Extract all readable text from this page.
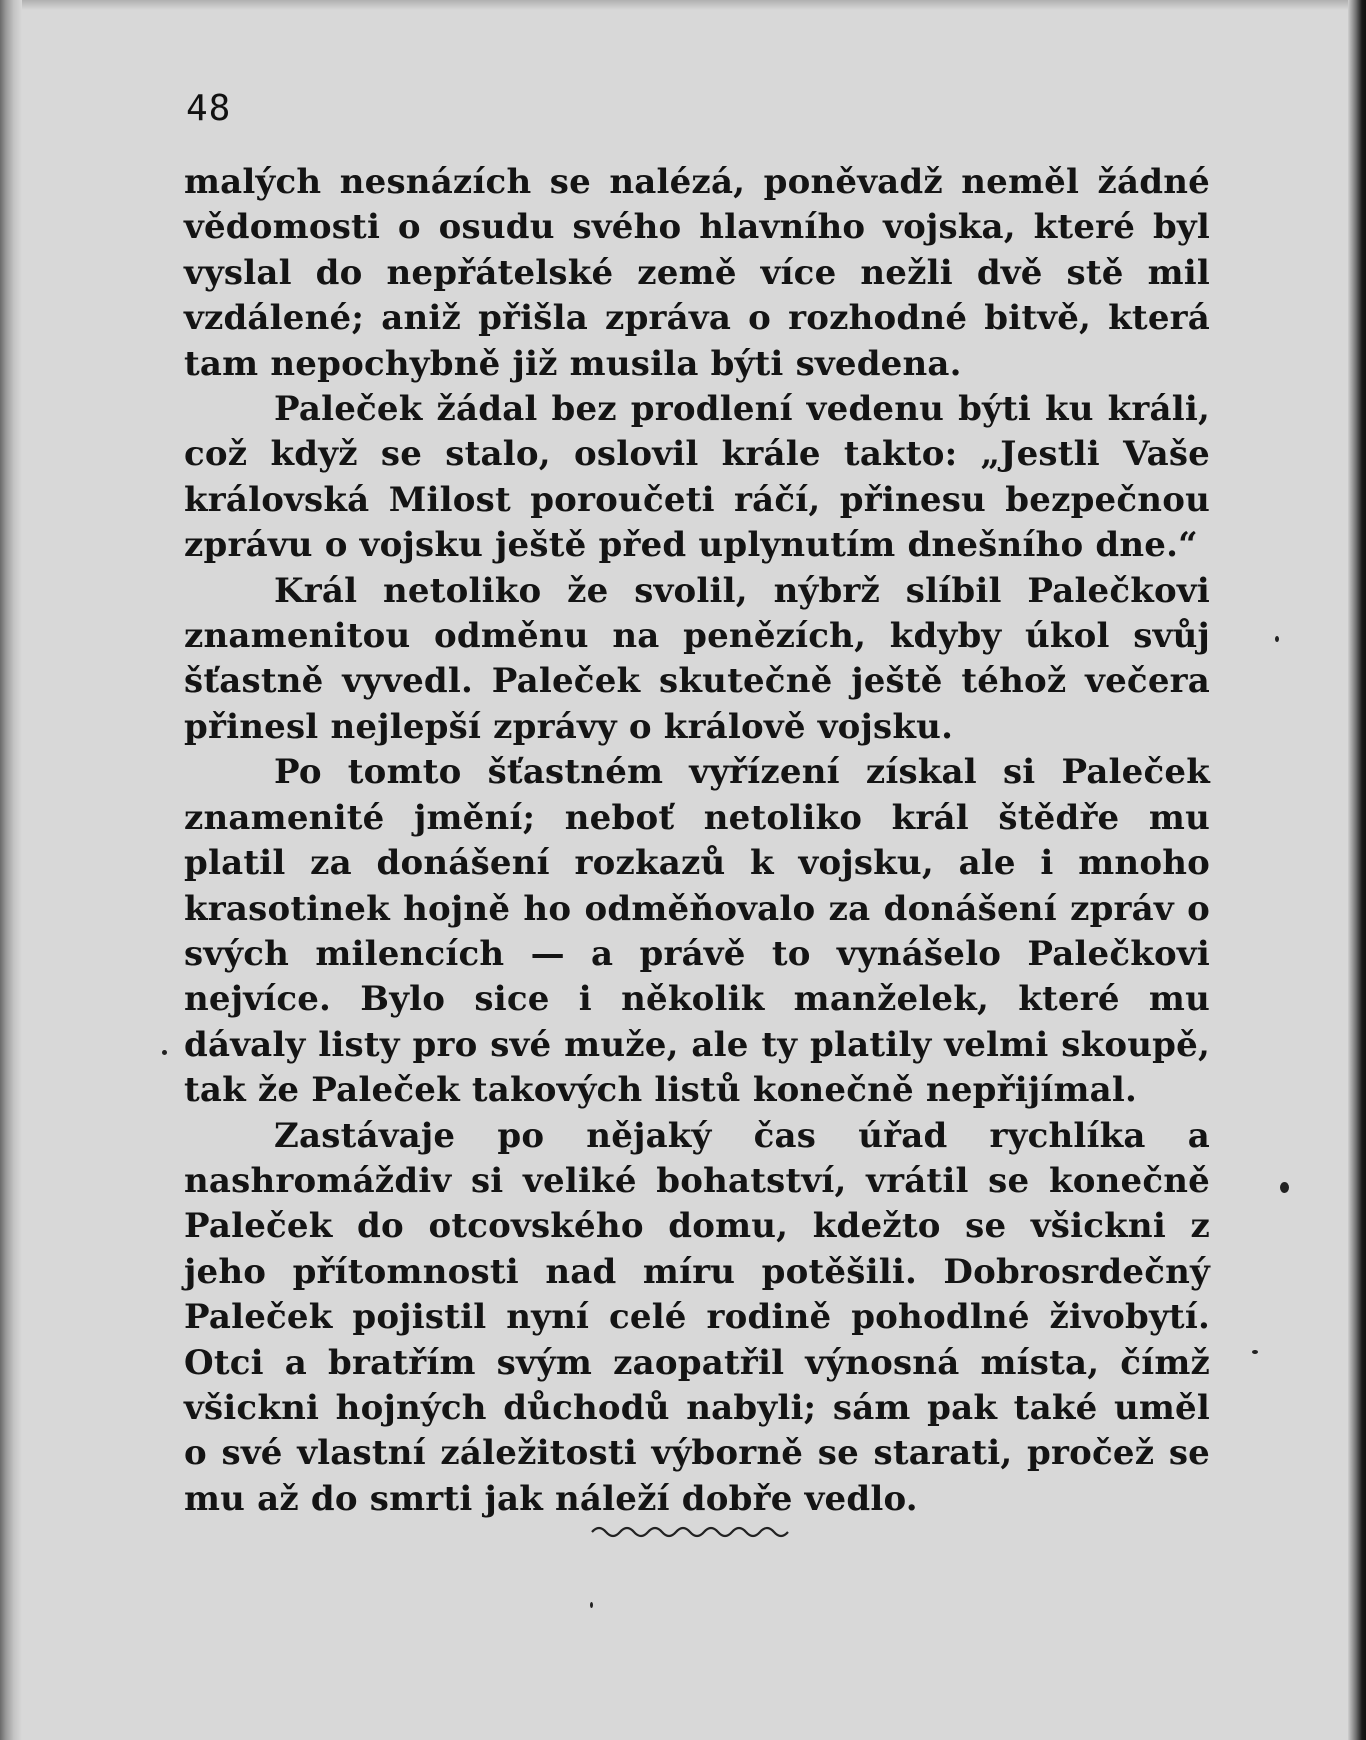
48

malých nesnázích se nalézá, poněvadž neměl žádné vědomosti o osudu svého hlavního vojska, které byl vyslal do nepřátelské země více nežli dvě stě mil vzdálené; aniž přišla zpráva o rozhodné bitvě, která tam nepochybně již musila býti svedena.

Paleček žádal bez prodlení vedenu býti ku králi, což když se stalo, oslovil krále takto: „Jestli Vaše královská Milost poroučeti ráčí, přinesu bezpečnou zprávu o vojsku ještě před uplynutím dnešního dne.“

Král netoliko že svolil, nýbrž slíbil Palečkovi znamenitou odměnu na penězích, kdyby úkol svůj šťastně vyvedl. Paleček skutečně ještě téhož večera přinesl nejlepší zprávy o králově vojsku.

Po tomto šťastném vyřízení získal si Paleček znamenité jmění; neboť netoliko král štědře mu platil za donášení rozkazů k vojsku, ale i mnoho krasotinek hojně ho odměňovalo za donášení zpráv o svých milencích — a právě to vynášelo Palečkovi nejvíce. Bylo sice i několik manželek, které mu dávaly listy pro své muže, ale ty platily velmi skoupě, tak že Paleček takových listů konečně nepřijímal.

Zastávaje po nějaký čas úřad rychlíka a nashromáždiv si veliké bohatství, vrátil se konečně Paleček do otcovského domu, kdežto se všickni z jeho přítomnosti nad míru potěšili. Dobrosrdečný Paleček pojistil nyní celé rodině pohodlné živobytí. Otci a bratřím svým zaopatřil výnosná místa, čímž všickni hojných důchodů nabyli; sám pak také uměl o své vlastní záležitosti výborně se starati, pročež se mu až do smrti jak náleží dobře vedlo.
